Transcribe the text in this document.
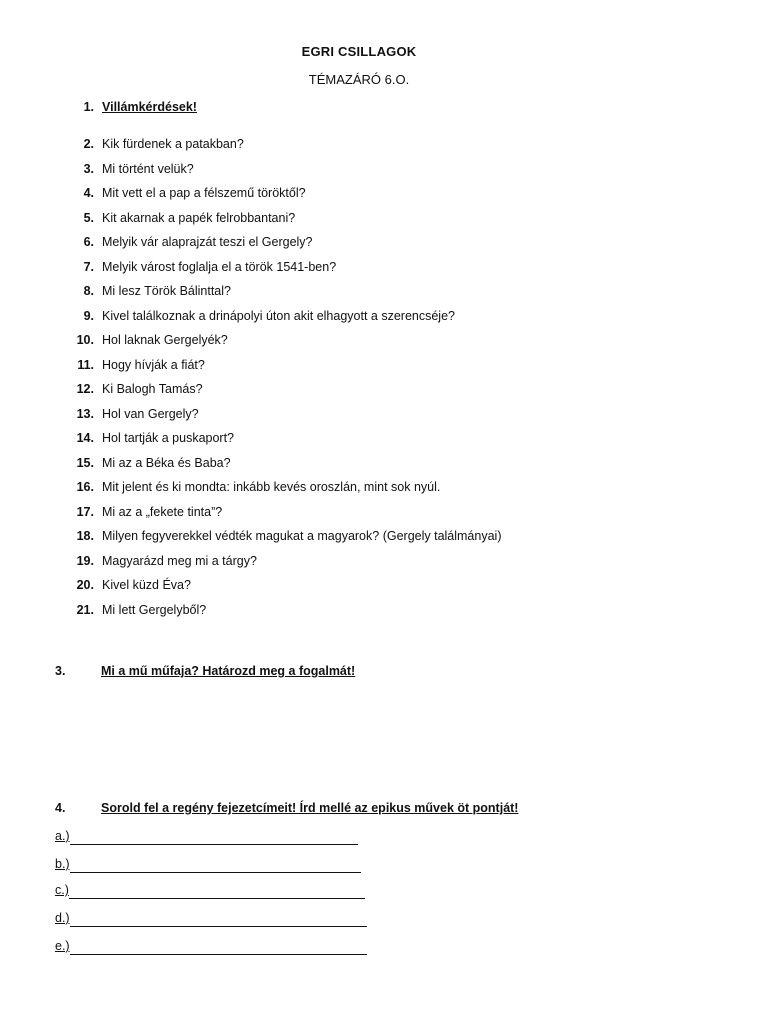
EGRI CSILLAGOK
TÉMAZÁRÓ 6.O.
1. Villámkérdések!
2. Kik fürdenek a patakban?
3. Mi történt velük?
4. Mit vett el a pap a félszemű töröktől?
5. Kit akarnak a papék felrobbantani?
6. Melyik vár alaprajzát teszi el Gergely?
7. Melyik várost foglalja el a török 1541-ben?
8. Mi lesz Török Bálinttal?
9. Kivel találkoznak a drinápolyi úton akit elhagyott a szerencséje?
10. Hol laknak Gergelyék?
11. Hogy hívják a fiát?
12. Ki Balogh Tamás?
13. Hol van Gergely?
14. Hol tartják a puskaport?
15. Mi az a Béka és Baba?
16. Mit jelent és ki mondta: inkább kevés oroszlán, mint sok nyúl.
17. Mi az a „fekete tinta”?
18. Milyen fegyverekkel védték magukat a magyarok? (Gergely találmányai)
19. Magyarázd meg mi a tárgy?
20. Kivel küzd Éva?
21. Mi lett Gergelyből?
3.	Mi a mű műfaja? Határozd meg a fogalmát!
4.	Sorold fel a regény fejezetcímeit! Írd mellé az epikus művek öt pontját!
a.)
b.)
c.)
d.)
e.)
